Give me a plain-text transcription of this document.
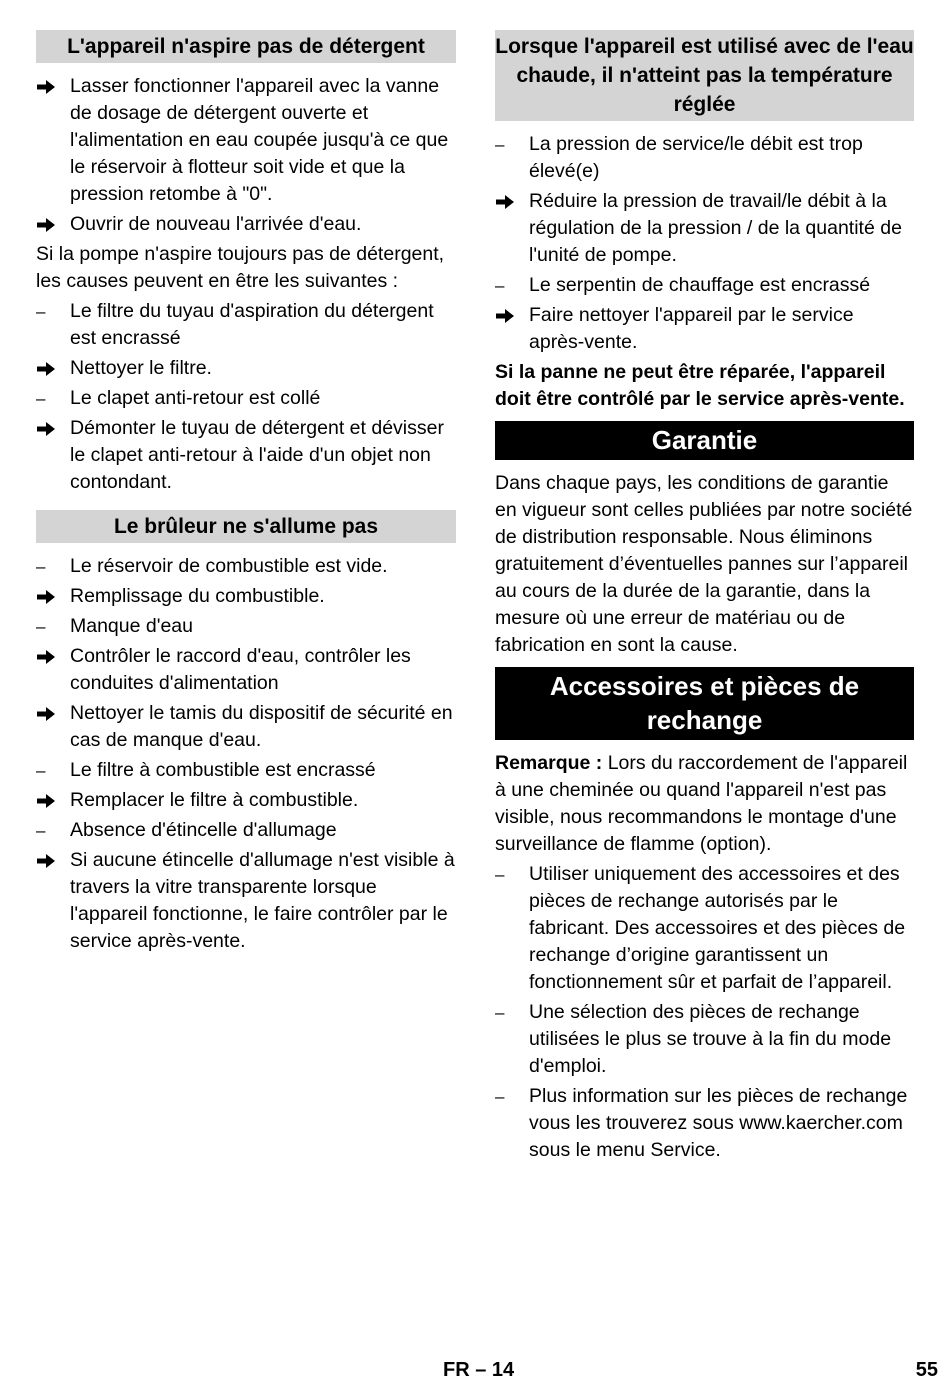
L'appareil n'aspire pas de détergent
Lasser fonctionner l'appareil avec la vanne de dosage de détergent ouverte et l'alimentation en eau coupée jusqu'à ce que le réservoir à flotteur soit vide et que la pression retombe à "0".
Ouvrir de nouveau l'arrivée d'eau.
Si la pompe n'aspire toujours pas de détergent, les causes peuvent en être les suivantes :
–	Le filtre du tuyau d'aspiration du détergent est encrassé
Nettoyer le filtre.
–	Le clapet anti-retour est collé
Démonter le tuyau de détergent et dévisser le clapet anti-retour à l'aide d'un objet non contondant.
Le brûleur ne s'allume pas
–	Le réservoir de combustible est vide.
Remplissage du combustible.
–	Manque d'eau
Contrôler le raccord d'eau, contrôler les conduites d'alimentation
Nettoyer le tamis du dispositif de sécurité en cas de manque d'eau.
–	Le filtre à combustible est encrassé
Remplacer le filtre à combustible.
–	Absence d'étincelle d'allumage
Si aucune étincelle d'allumage n'est visible à travers la vitre transparente lorsque l'appareil fonctionne, le faire contrôler par le service après-vente.
Lorsque l'appareil est utilisé avec de l'eau chaude, il n'atteint pas la température réglée
–	La pression de service/le débit est trop élevé(e)
Réduire la pression de travail/le débit à la régulation de la pression / de la quantité de l'unité de pompe.
–	Le serpentin de chauffage est encrassé
Faire nettoyer l'appareil par le service après-vente.
Si la panne ne peut être réparée, l'appareil doit être contrôlé par le service après-vente.
Garantie
Dans chaque pays, les conditions de garantie en vigueur sont celles publiées par notre société de distribution responsable. Nous éliminons gratuitement d’éventuelles pannes sur l’appareil au cours de la durée de la garantie, dans la mesure où une erreur de matériau ou de fabrication en sont la cause.
Accessoires et pièces de rechange
Remarque : Lors du raccordement de l'appareil à une cheminée ou quand l'appareil n'est pas visible, nous recommandons le montage d'une surveillance de flamme (option).
–	Utiliser uniquement des accessoires et des pièces de rechange autorisés par le fabricant. Des accessoires et des pièces de rechange d’origine garantissent un fonctionnement sûr et parfait de l’appareil.
–	Une sélection des pièces de rechange utilisées le plus se trouve à la fin du mode d'emploi.
–	Plus information sur les pièces de rechange vous les trouverez sous www.kaercher.com sous le menu Service.
FR – 14	55
